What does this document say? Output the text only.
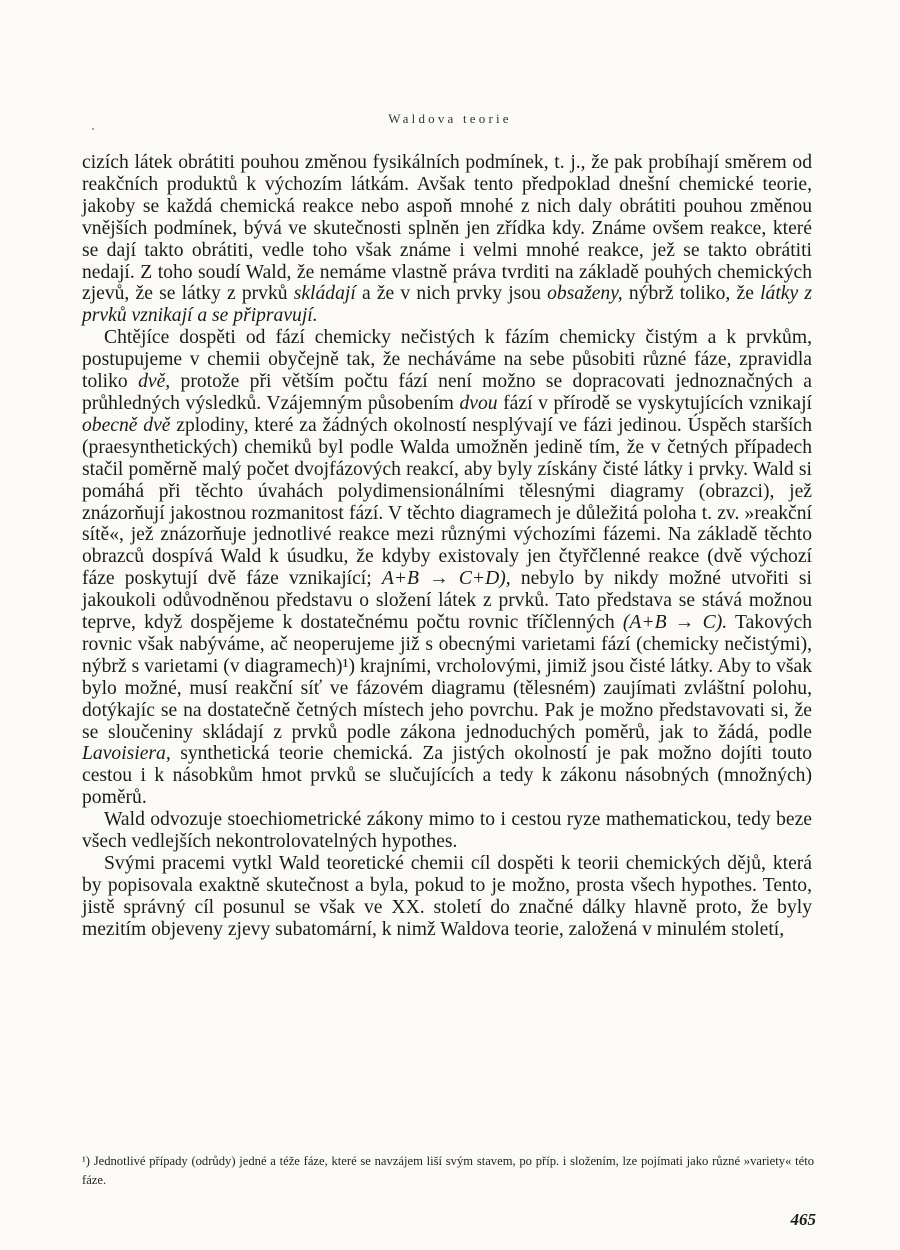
Waldova teorie

cizích látek obrátiti pouhou změnou fysikálních podmínek, t. j., že pak probíhají směrem od reakčních produktů k výchozím látkám. Avšak tento předpoklad dnešní chemické teorie, jakoby se každá chemická reakce nebo aspoň mnohé z nich daly obrátiti pouhou změnou vnějších podmínek, bývá ve skutečnosti splněn jen zřídka kdy. Známe ovšem reakce, které se dají takto obrátiti, vedle toho však známe i velmi mnohé reakce, jež se takto obrátiti nedají. Z toho soudí Wald, že nemáme vlastně práva tvrditi na základě pouhých chemických zjevů, že se látky z prvků skládají a že v nich prvky jsou obsaženy, nýbrž toliko, že látky z prvků vznikají a se připravují.

Chtějíce dospěti od fází chemicky nečistých k fázím chemicky čistým a k prvkům, postupujeme v chemii obyčejně tak, že necháváme na sebe působiti různé fáze, zpravidla toliko dvě, protože při větším počtu fází není možno se dopracovati jednoznačných a průhledných výsledků. Vzájemným působením dvou fází v přírodě se vyskytujících vznikají obecně dvě zplodiny, které za žádných okolností nesplývají ve fázi jedinou. Úspěch starších (praesynthetických) chemiků byl podle Walda umožněn jedině tím, že v četných případech stačil poměrně malý počet dvojfázových reakcí, aby byly získány čisté látky i prvky. Wald si pomáhá při těchto úvahách polydimensionálními tělesnými diagramy (obrazci), jež znázorňují jakostnou rozmanitost fází. V těchto diagramech je důležitá poloha t. zv. »reakční sítě«, jež znázorňuje jednotlivé reakce mezi různými výchozími fázemi. Na základě těchto obrazců dospívá Wald k úsudku, že kdyby existovaly jen čtyřčlenné reakce (dvě výchozí fáze poskytují dvě fáze vznikající; A+B → C+D), nebylo by nikdy možné utvořiti si jakoukoli odůvodněnou představu o složení látek z prvků. Tato představa se stává možnou teprve, když dospějeme k dostatečnému počtu rovnic tříčlenných (A+B → C). Takových rovnic však nabýváme, ač neoperujeme již s obecnými varietami fází (chemicky nečistými), nýbrž s varietami (v diagramech)¹) krajními, vrcholovými, jimiž jsou čisté látky. Aby to však bylo možné, musí reakční síť ve fázovém diagramu (tělesném) zaujímati zvláštní polohu, dotýkajíc se na dostatečně četných místech jeho povrchu. Pak je možno představovati si, že se sloučeniny skládají z prvků podle zákona jednoduchých poměrů, jak to žádá, podle Lavoisiera, synthetická teorie chemická. Za jistých okolností je pak možno dojíti touto cestou i k násobkům hmot prvků se slučujících a tedy k zákonu násobných (množných) poměrů.

Wald odvozuje stoechiometrické zákony mimo to i cestou ryze mathematickou, tedy beze všech vedlejších nekontrolovatelných hypothes.

Svými pracemi vytkl Wald teoretické chemii cíl dospěti k teorii chemických dějů, která by popisovala exaktně skutečnost a byla, pokud to je možno, prosta všech hypothes. Tento, jistě správný cíl posunul se však ve XX. století do značné dálky hlavně proto, že byly mezitím objeveny zjevy subatomární, k nimž Waldova teorie, založená v minulém století,

¹) Jednotlivé případy (odrůdy) jedné a téže fáze, které se navzájem liší svým stavem, po příp. i složením, lze pojímati jako různé »variety« této fáze.

465
